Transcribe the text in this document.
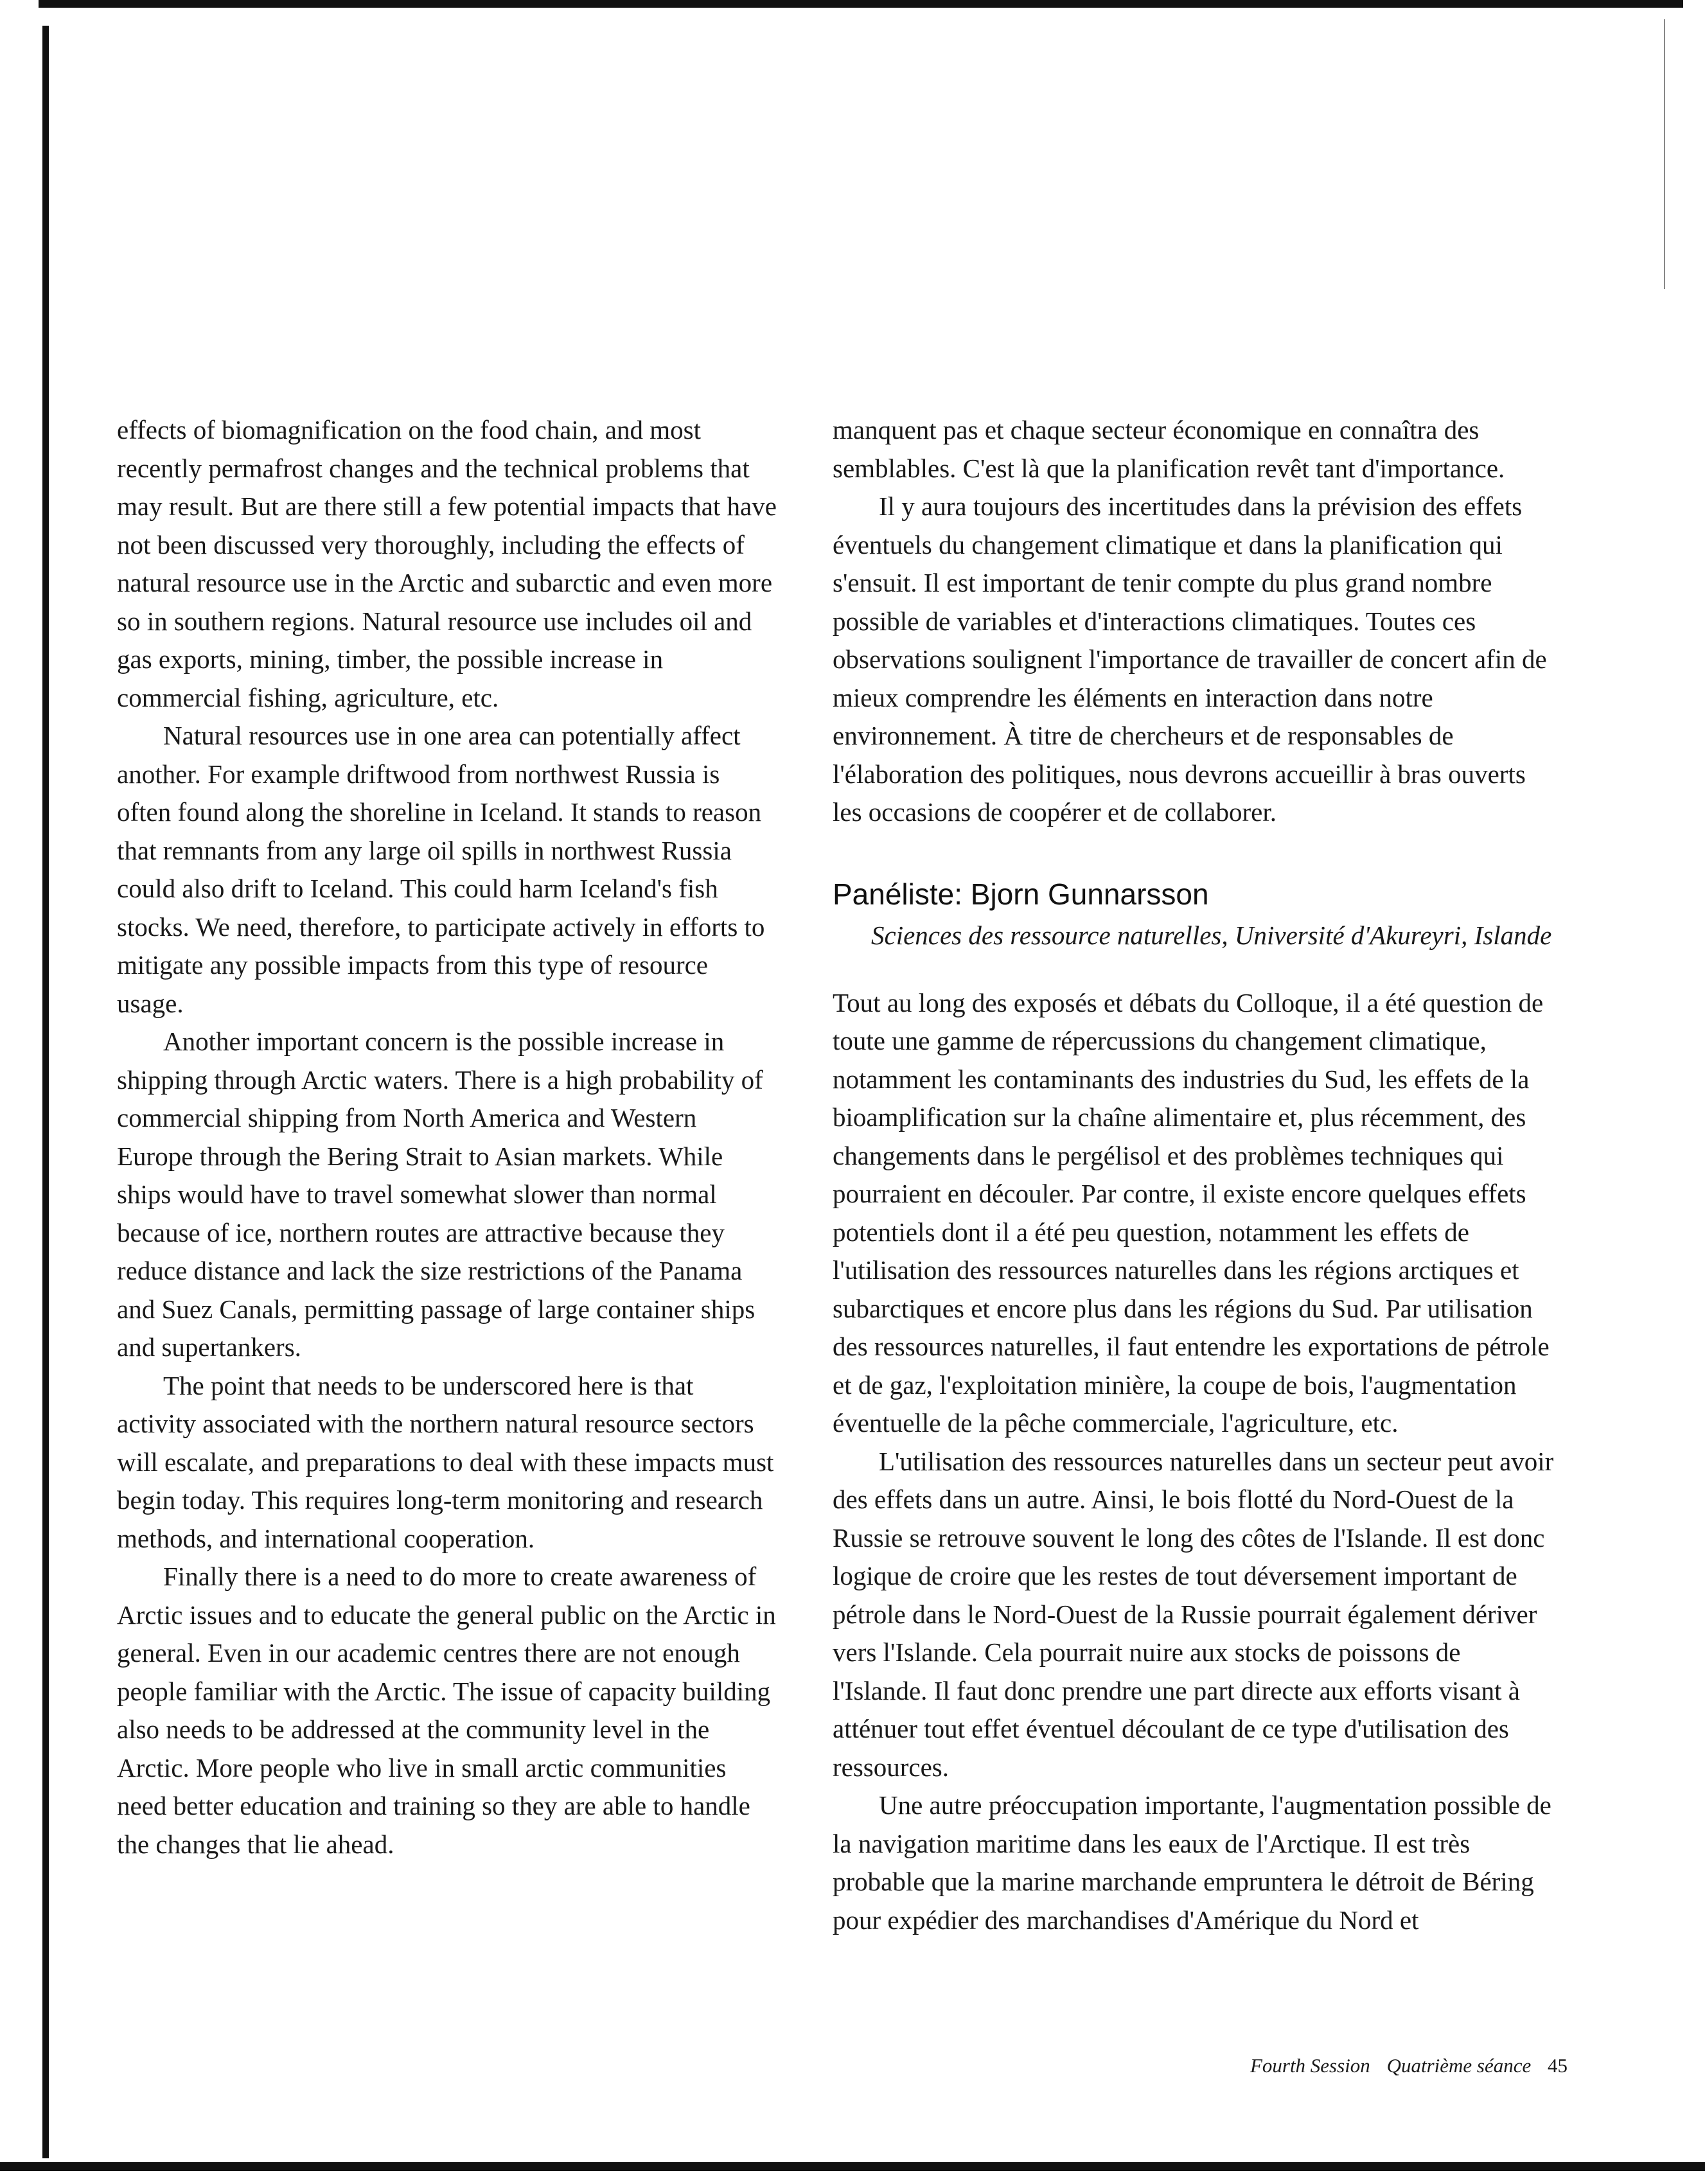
effects of biomagnification on the food chain, and most recently permafrost changes and the technical problems that may result. But are there still a few potential impacts that have not been discussed very thoroughly, including the effects of natural resource use in the Arctic and subarctic and even more so in southern regions. Natural resource use includes oil and gas exports, mining, timber, the possible increase in commercial fishing, agriculture, etc.

Natural resources use in one area can potentially affect another. For example driftwood from northwest Russia is often found along the shoreline in Iceland. It stands to reason that remnants from any large oil spills in northwest Russia could also drift to Iceland. This could harm Iceland's fish stocks. We need, therefore, to participate actively in efforts to mitigate any possible impacts from this type of resource usage.

Another important concern is the possible increase in shipping through Arctic waters. There is a high probability of commercial shipping from North America and Western Europe through the Bering Strait to Asian markets. While ships would have to travel somewhat slower than normal because of ice, northern routes are attractive because they reduce distance and lack the size restrictions of the Panama and Suez Canals, permitting passage of large container ships and supertankers.

The point that needs to be underscored here is that activity associated with the northern natural resource sectors will escalate, and preparations to deal with these impacts must begin today. This requires long-term monitoring and research methods, and international cooperation.

Finally there is a need to do more to create awareness of Arctic issues and to educate the general public on the Arctic in general. Even in our academic centres there are not enough people familiar with the Arctic. The issue of capacity building also needs to be addressed at the community level in the Arctic. More people who live in small arctic communities need better education and training so they are able to handle the changes that lie ahead.

manquent pas et chaque secteur économique en connaîtra des semblables. C'est là que la planification revêt tant d'importance.

Il y aura toujours des incertitudes dans la prévision des effets éventuels du changement climatique et dans la planification qui s'ensuit. Il est important de tenir compte du plus grand nombre possible de variables et d'interactions climatiques. Toutes ces observations soulignent l'importance de travailler de concert afin de mieux comprendre les éléments en interaction dans notre environnement. À titre de chercheurs et de responsables de l'élaboration des politiques, nous devrons accueillir à bras ouverts les occasions de coopérer et de collaborer.

Panéliste: Bjorn Gunnarsson
Sciences des ressource naturelles, Université d'Akureyri, Islande

Tout au long des exposés et débats du Colloque, il a été question de toute une gamme de répercussions du changement climatique, notamment les contaminants des industries du Sud, les effets de la bioamplification sur la chaîne alimentaire et, plus récemment, des changements dans le pergélisol et des problèmes techniques qui pourraient en découler. Par contre, il existe encore quelques effets potentiels dont il a été peu question, notamment les effets de l'utilisation des ressources naturelles dans les régions arctiques et subarctiques et encore plus dans les régions du Sud. Par utilisation des ressources naturelles, il faut entendre les exportations de pétrole et de gaz, l'exploitation minière, la coupe de bois, l'augmentation éventuelle de la pêche commerciale, l'agriculture, etc.

L'utilisation des ressources naturelles dans un secteur peut avoir des effets dans un autre. Ainsi, le bois flotté du Nord-Ouest de la Russie se retrouve souvent le long des côtes de l'Islande. Il est donc logique de croire que les restes de tout déversement important de pétrole dans le Nord-Ouest de la Russie pourrait également dériver vers l'Islande. Cela pourrait nuire aux stocks de poissons de l'Islande. Il faut donc prendre une part directe aux efforts visant à atténuer tout effet éventuel découlant de ce type d'utilisation des ressources.

Une autre préoccupation importante, l'augmentation possible de la navigation maritime dans les eaux de l'Arctique. Il est très probable que la marine marchande empruntera le détroit de Béring pour expédier des marchandises d'Amérique du Nord et

Fourth Session Quatrième séance 45
